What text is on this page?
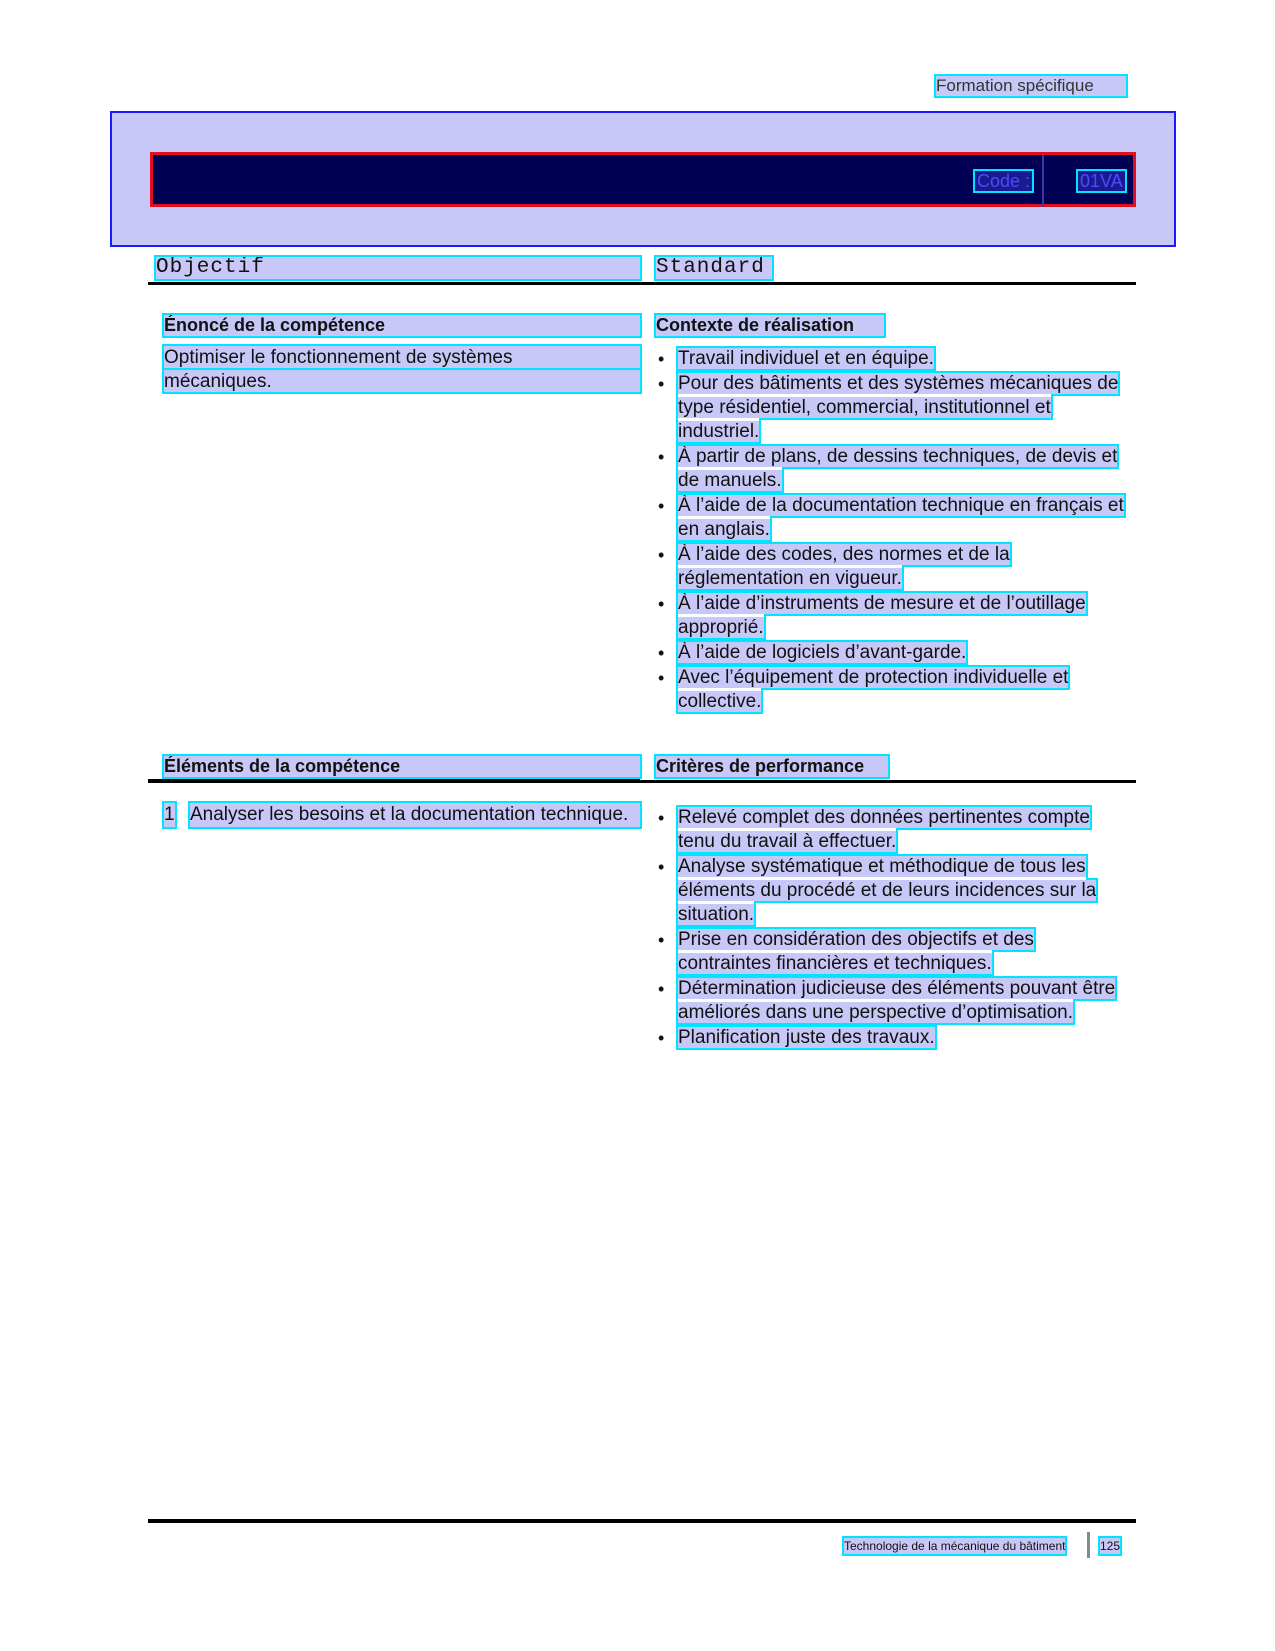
Formation spécifique
Code :	01VA
Objectif	Standard
Énoncé de la compétence	Contexte de réalisation
Optimiser le fonctionnement de systèmes
mécaniques.
• Travail individuel et en équipe.
• Pour des bâtiments et des systèmes mécaniques de type résidentiel, commercial, institutionnel et industriel.
• À partir de plans, de dessins techniques, de devis et de manuels.
• À l’aide de la documentation technique en français et en anglais.
• À l’aide des codes, des normes et de la réglementation en vigueur.
• À l’aide d’instruments de mesure et de l’outillage approprié.
• À l’aide de logiciels d’avant-garde.
• Avec l’équipement de protection individuelle et collective.
Éléments de la compétence	Critères de performance
1 Analyser les besoins et la documentation technique.	• Relevé complet des données pertinentes compte tenu du travail à effectuer.
• Analyse systématique et méthodique de tous les éléments du procédé et de leurs incidences sur la situation.
• Prise en considération des objectifs et des contraintes financières et techniques.
• Détermination judicieuse des éléments pouvant être améliorés dans une perspective d’optimisation.
• Planification juste des travaux.
Technologie de la mécanique du bâtiment	125
